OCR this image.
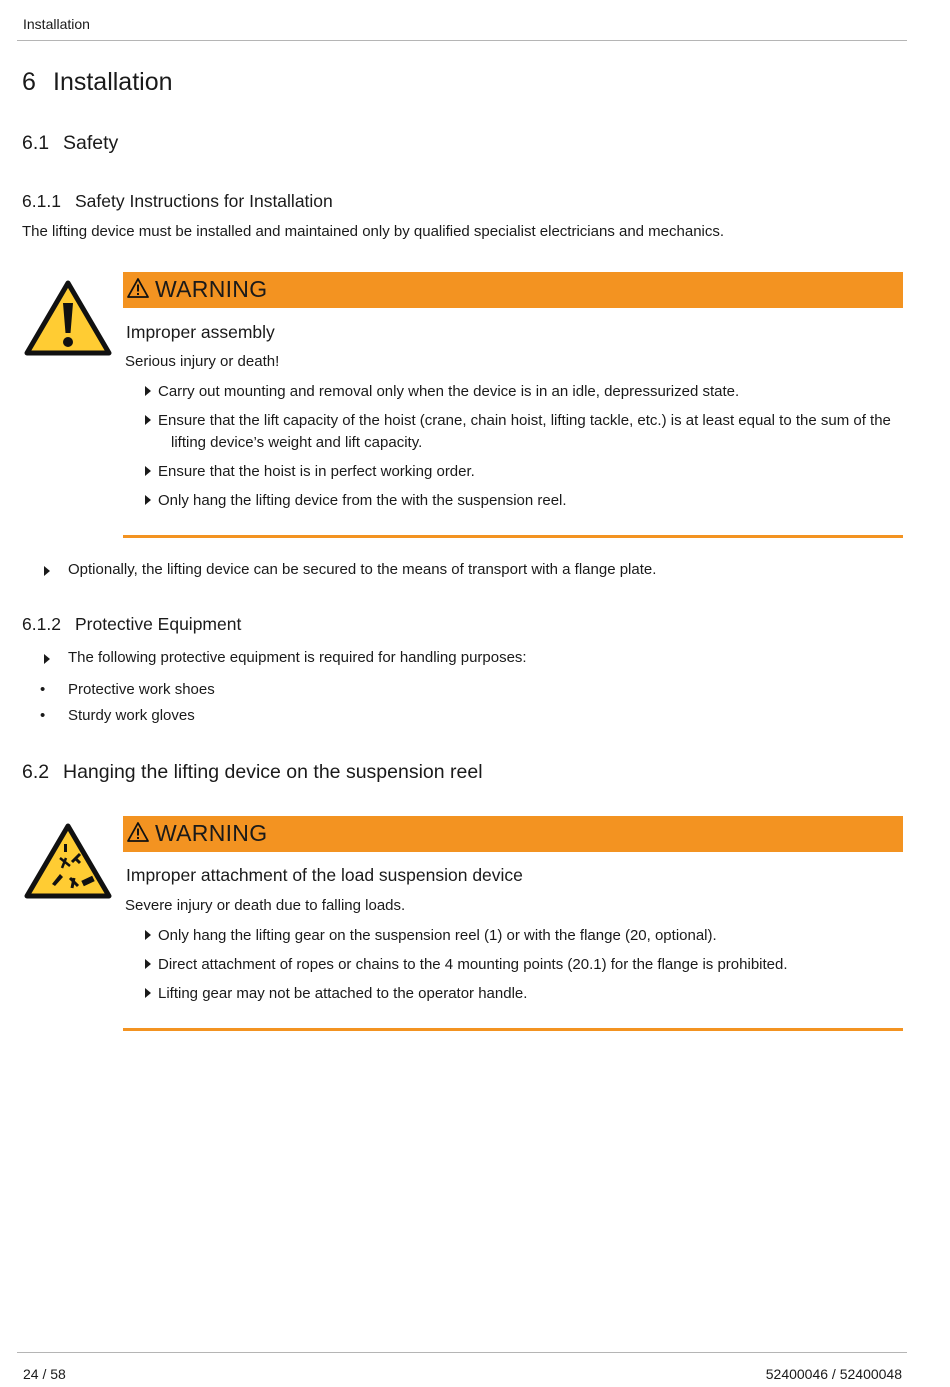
Installation
6 Installation
6.1 Safety
6.1.1 Safety Instructions for Installation
The lifting device must be installed and maintained only by qualified specialist electricians and mechanics.
WARNING
Improper assembly
Serious injury or death!
Carry out mounting and removal only when the device is in an idle, depressurized state.
Ensure that the lift capacity of the hoist (crane, chain hoist, lifting tackle, etc.) is at least equal to the sum of the lifting device’s weight and lift capacity.
Ensure that the hoist is in perfect working order.
Only hang the lifting device from the with the suspension reel.
Optionally, the lifting device can be secured to the means of transport with a flange plate.
6.1.2 Protective Equipment
The following protective equipment is required for handling purposes:
• Protective work shoes
• Sturdy work gloves
6.2 Hanging the lifting device on the suspension reel
WARNING
Improper attachment of the load suspension device
Severe injury or death due to falling loads.
Only hang the lifting gear on the suspension reel (1) or with the flange (20, optional).
Direct attachment of ropes or chains to the 4 mounting points (20.1) for the flange is prohibited.
Lifting gear may not be attached to the operator handle.
24 / 58	52400046 / 52400048
